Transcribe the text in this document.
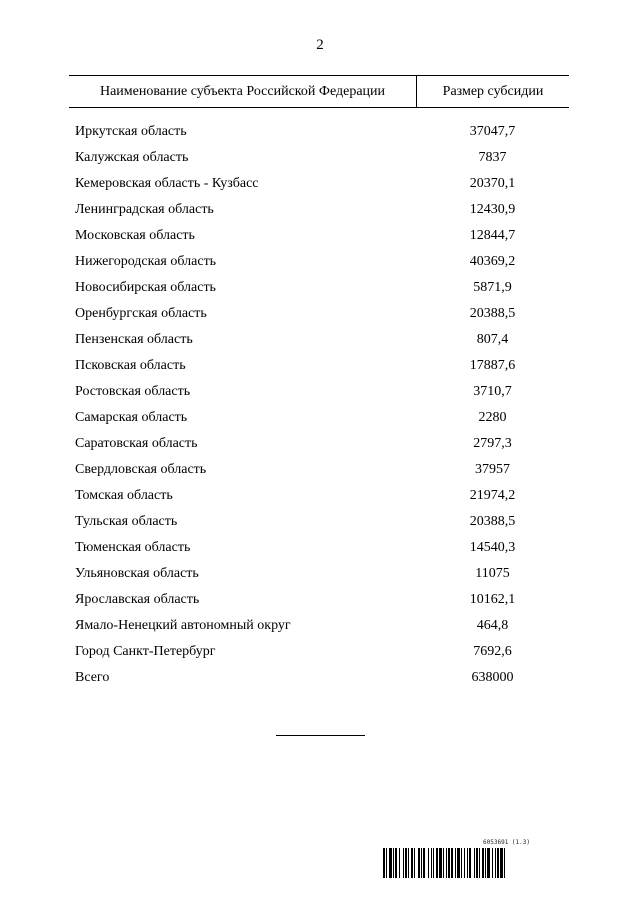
2
Наименование субъекта Российской Федерации	Размер субсидии
Иркутская область	37047,7
Калужская область	7837
Кемеровская область - Кузбасс	20370,1
Ленинградская область	12430,9
Московская область	12844,7
Нижегородская область	40369,2
Новосибирская область	5871,9
Оренбургская область	20388,5
Пензенская область	807,4
Псковская область	17887,6
Ростовская область	3710,7
Самарская область	2280
Саратовская область	2797,3
Свердловская область	37957
Томская область	21974,2
Тульская область	20388,5
Тюменская область	14540,3
Ульяновская область	11075
Ярославская область	10162,1
Ямало-Ненецкий автономный округ	464,8
Город Санкт-Петербург	7692,6
Всего	638000
6053691 (1.3)
